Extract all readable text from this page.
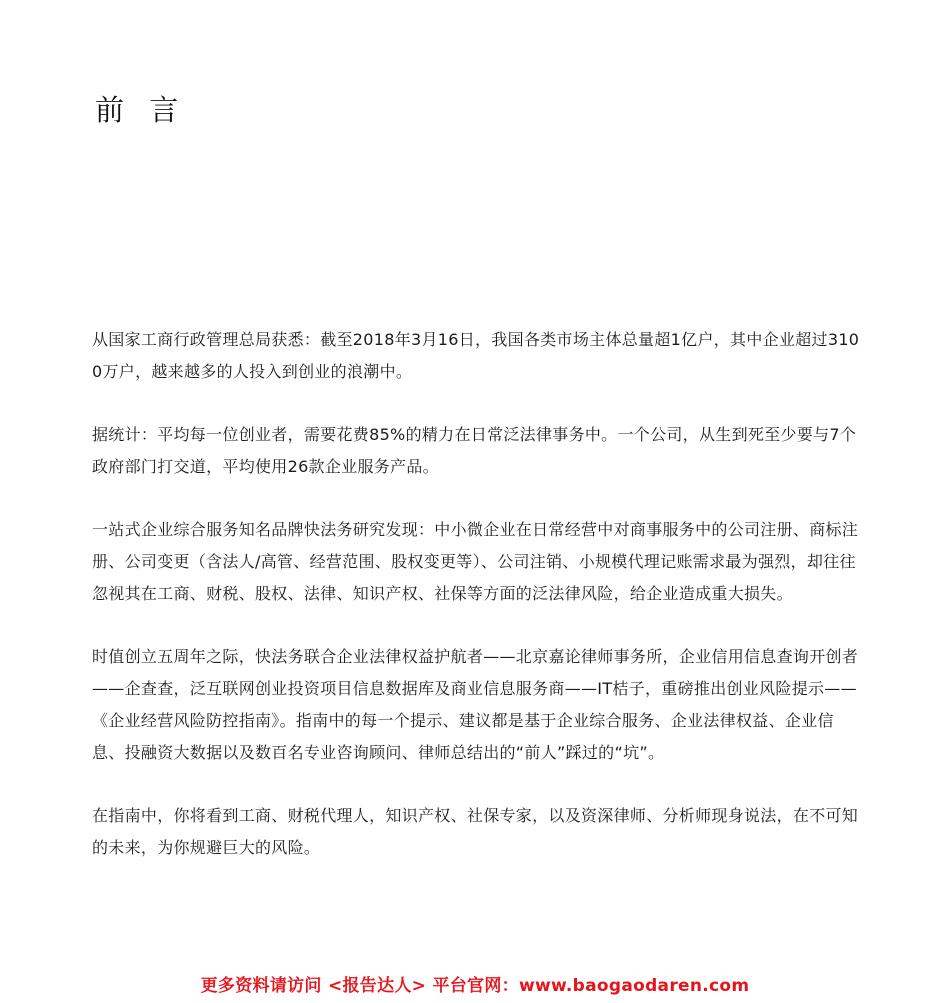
前 言

从国家工商行政管理总局获悉：截至2018年3月16日，我国各类市场主体总量超1亿户，其中企业超过3100万户，越来越多的人投入到创业的浪潮中。

据统计：平均每一位创业者，需要花费85%的精力在日常泛法律事务中。一个公司，从生到死至少要与7个政府部门打交道，平均使用26款企业服务产品。

一站式企业综合服务知名品牌快法务研究发现：中小微企业在日常经营中对商事服务中的公司注册、商标注册、公司变更（含法人/高管、经营范围、股权变更等）、公司注销、小规模代理记账需求最为强烈，却往往忽视其在工商、财税、股权、法律、知识产权、社保等方面的泛法律风险，给企业造成重大损失。

时值创立五周年之际，快法务联合企业法律权益护航者——北京嘉论律师事务所，企业信用信息查询开创者——企查查，泛互联网创业投资项目信息数据库及商业信息服务商——IT桔子，重磅推出创业风险提示——《企业经营风险防控指南》。指南中的每一个提示、建议都是基于企业综合服务、企业法律权益、企业信息、投融资大数据以及数百名专业咨询顾问、律师总结出的“前人”踩过的“坑”。

在指南中，你将看到工商、财税代理人，知识产权、社保专家，以及资深律师、分析师现身说法，在不可知的未来，为你规避巨大的风险。

更多资料请访问 <报告达人> 平台官网：www.baogaodaren.com
